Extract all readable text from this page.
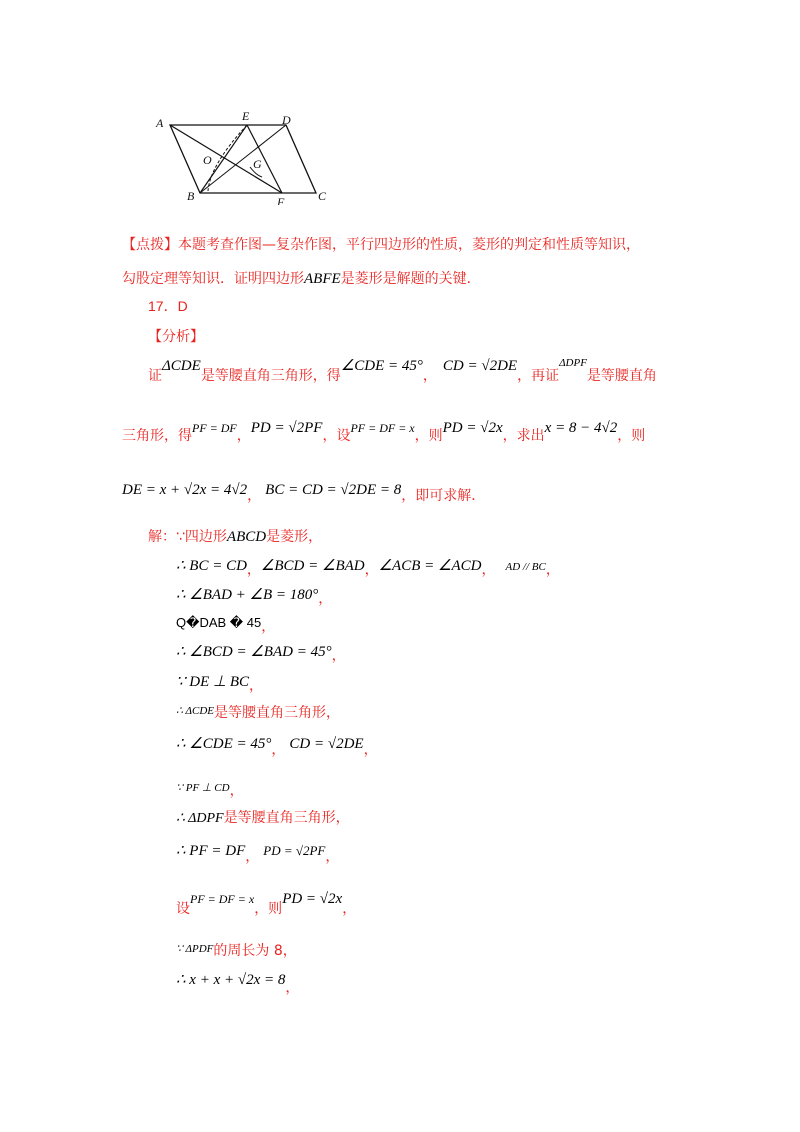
A	E	D
O	G
B	F	C
【点拨】本题考查作图—复杂作图，平行四边形的性质，菱形的判定和性质等知识，
勾股定理等知识．证明四边形ABFE是菱形是解题的关键．
17．D
【分析】
证ΔCDE是等腰直角三角形，得∠CDE = 45°，CD = √2DE，再证$^{\Delta DPF}$是等腰直角
三角形，得PF = DF，PD = √2PF，设PF = DF = x，则PD = √2x，求出x = 8 − 4√2，则
DE = x + √2x = 4√2， BC = CD = √2DE = 8，即可求解．
解：∵四边形ABCD是菱形，
∴ BC = CD，∠BCD = ∠BAD，∠ACB = ∠ACD， AD // BC，
∴ ∠BAD + ∠B = 180°，
Q�DAB � 45，
∴ ∠BCD = ∠BAD = 45°，
∵ DE ⊥ BC，
$^{\therefore \Delta CDE}$是等腰直角三角形，
∴ ∠CDE = 45°， CD = √2DE，
∵ PF ⊥ CD，
∴ ΔDPF是等腰直角三角形，
∴ PF = DF， PD = √2PF，
设PF = DF = x，则PD = √2x，
$^{\because \Delta PDF}$的周长为 8，
∴ x + x + √2x = 8，
